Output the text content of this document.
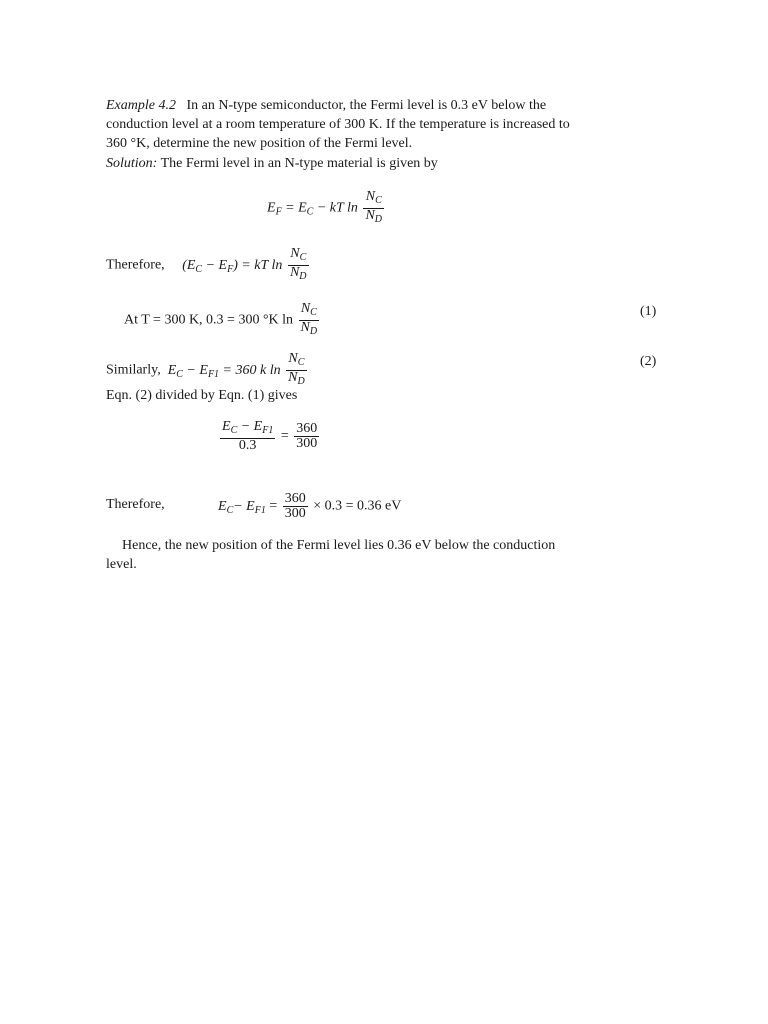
Example 4.2 In an N-type semiconductor, the Fermi level is 0.3 eV below the
conduction level at a room temperature of 300 K. If the temperature is increased to
360 °K, determine the new position of the Fermi level.
Solution: The Fermi level in an N-type material is given by
$E_F = E_C$ − kT $\ln \frac{N_C}{N_D}$
Therefore, $(E_C - E_F)$ = kT $\ln \frac{N_C}{N_D}$
At T = 300 K, 0.3 = 300 °K $\ln \frac{N_C}{N_D}$	(1)
Similarly, $E_C - E_{F1} = 360$ k $\ln \frac{N_C}{N_D}$	(2)
Eqn. (2) divided by Eqn. (1) gives
$\frac{E_C - E_{F1}}{0.3} = \frac{360}{300}$
Therefore,	$E_C- E_{F1} = \frac{360}{300} \times 0.3 = 0.36$ eV
Hence, the new position of the Fermi level lies 0.36 eV below the conduction
level.
